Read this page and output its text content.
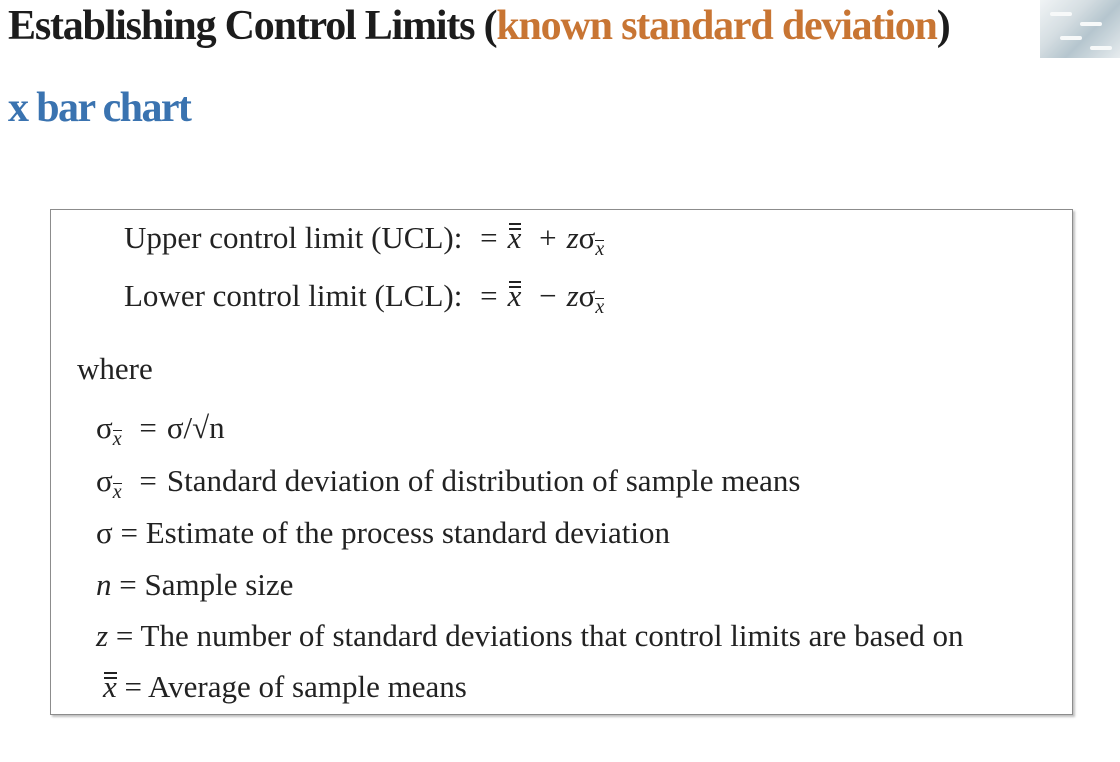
Establishing Control Limits (known standard deviation)
x bar chart
Upper control limit (UCL): = $x + z\sigma_x$
Lower control limit (LCL): = $x - z\sigma_x$
where
$\sigma_x = \sigma/√n$
$\sigma_x$ = Standard deviation of distribution of sample means
σ = Estimate of the process standard deviation
n = Sample size
z = The number of standard deviations that control limits are based on
x = Average of sample means
